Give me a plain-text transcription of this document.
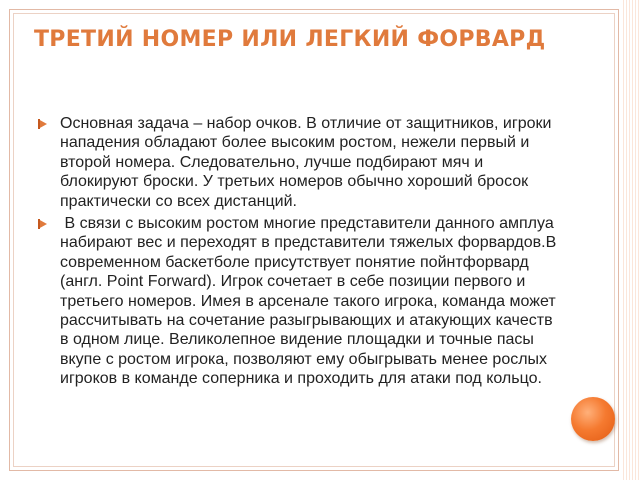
ТРЕТИЙ НОМЕР ИЛИ ЛЕГКИЙ ФОРВАРД
Основная задача – набор очков. В отличие от защитников, игроки нападения обладают более высоким ростом, нежели первый и второй номера. Следовательно, лучше подбирают мяч и блокируют броски. У третьих номеров обычно хороший бросок практически со всех дистанций.
В связи с высоким ростом многие представители данного амплуа набирают вес и переходят в представители тяжелых форвардов.В современном баскетболе присутствует понятие пойнтфорвард (англ. Point Forward). Игрок сочетает в себе позиции первого и третьего номеров. Имея в арсенале такого игрока, команда может рассчитывать на сочетание разыгрывающих и атакующих качеств в одном лице. Великолепное видение площадки и точные пасы вкупе с ростом игрока, позволяют ему обыгрывать менее рослых игроков в команде соперника и проходить для атаки под кольцо.
